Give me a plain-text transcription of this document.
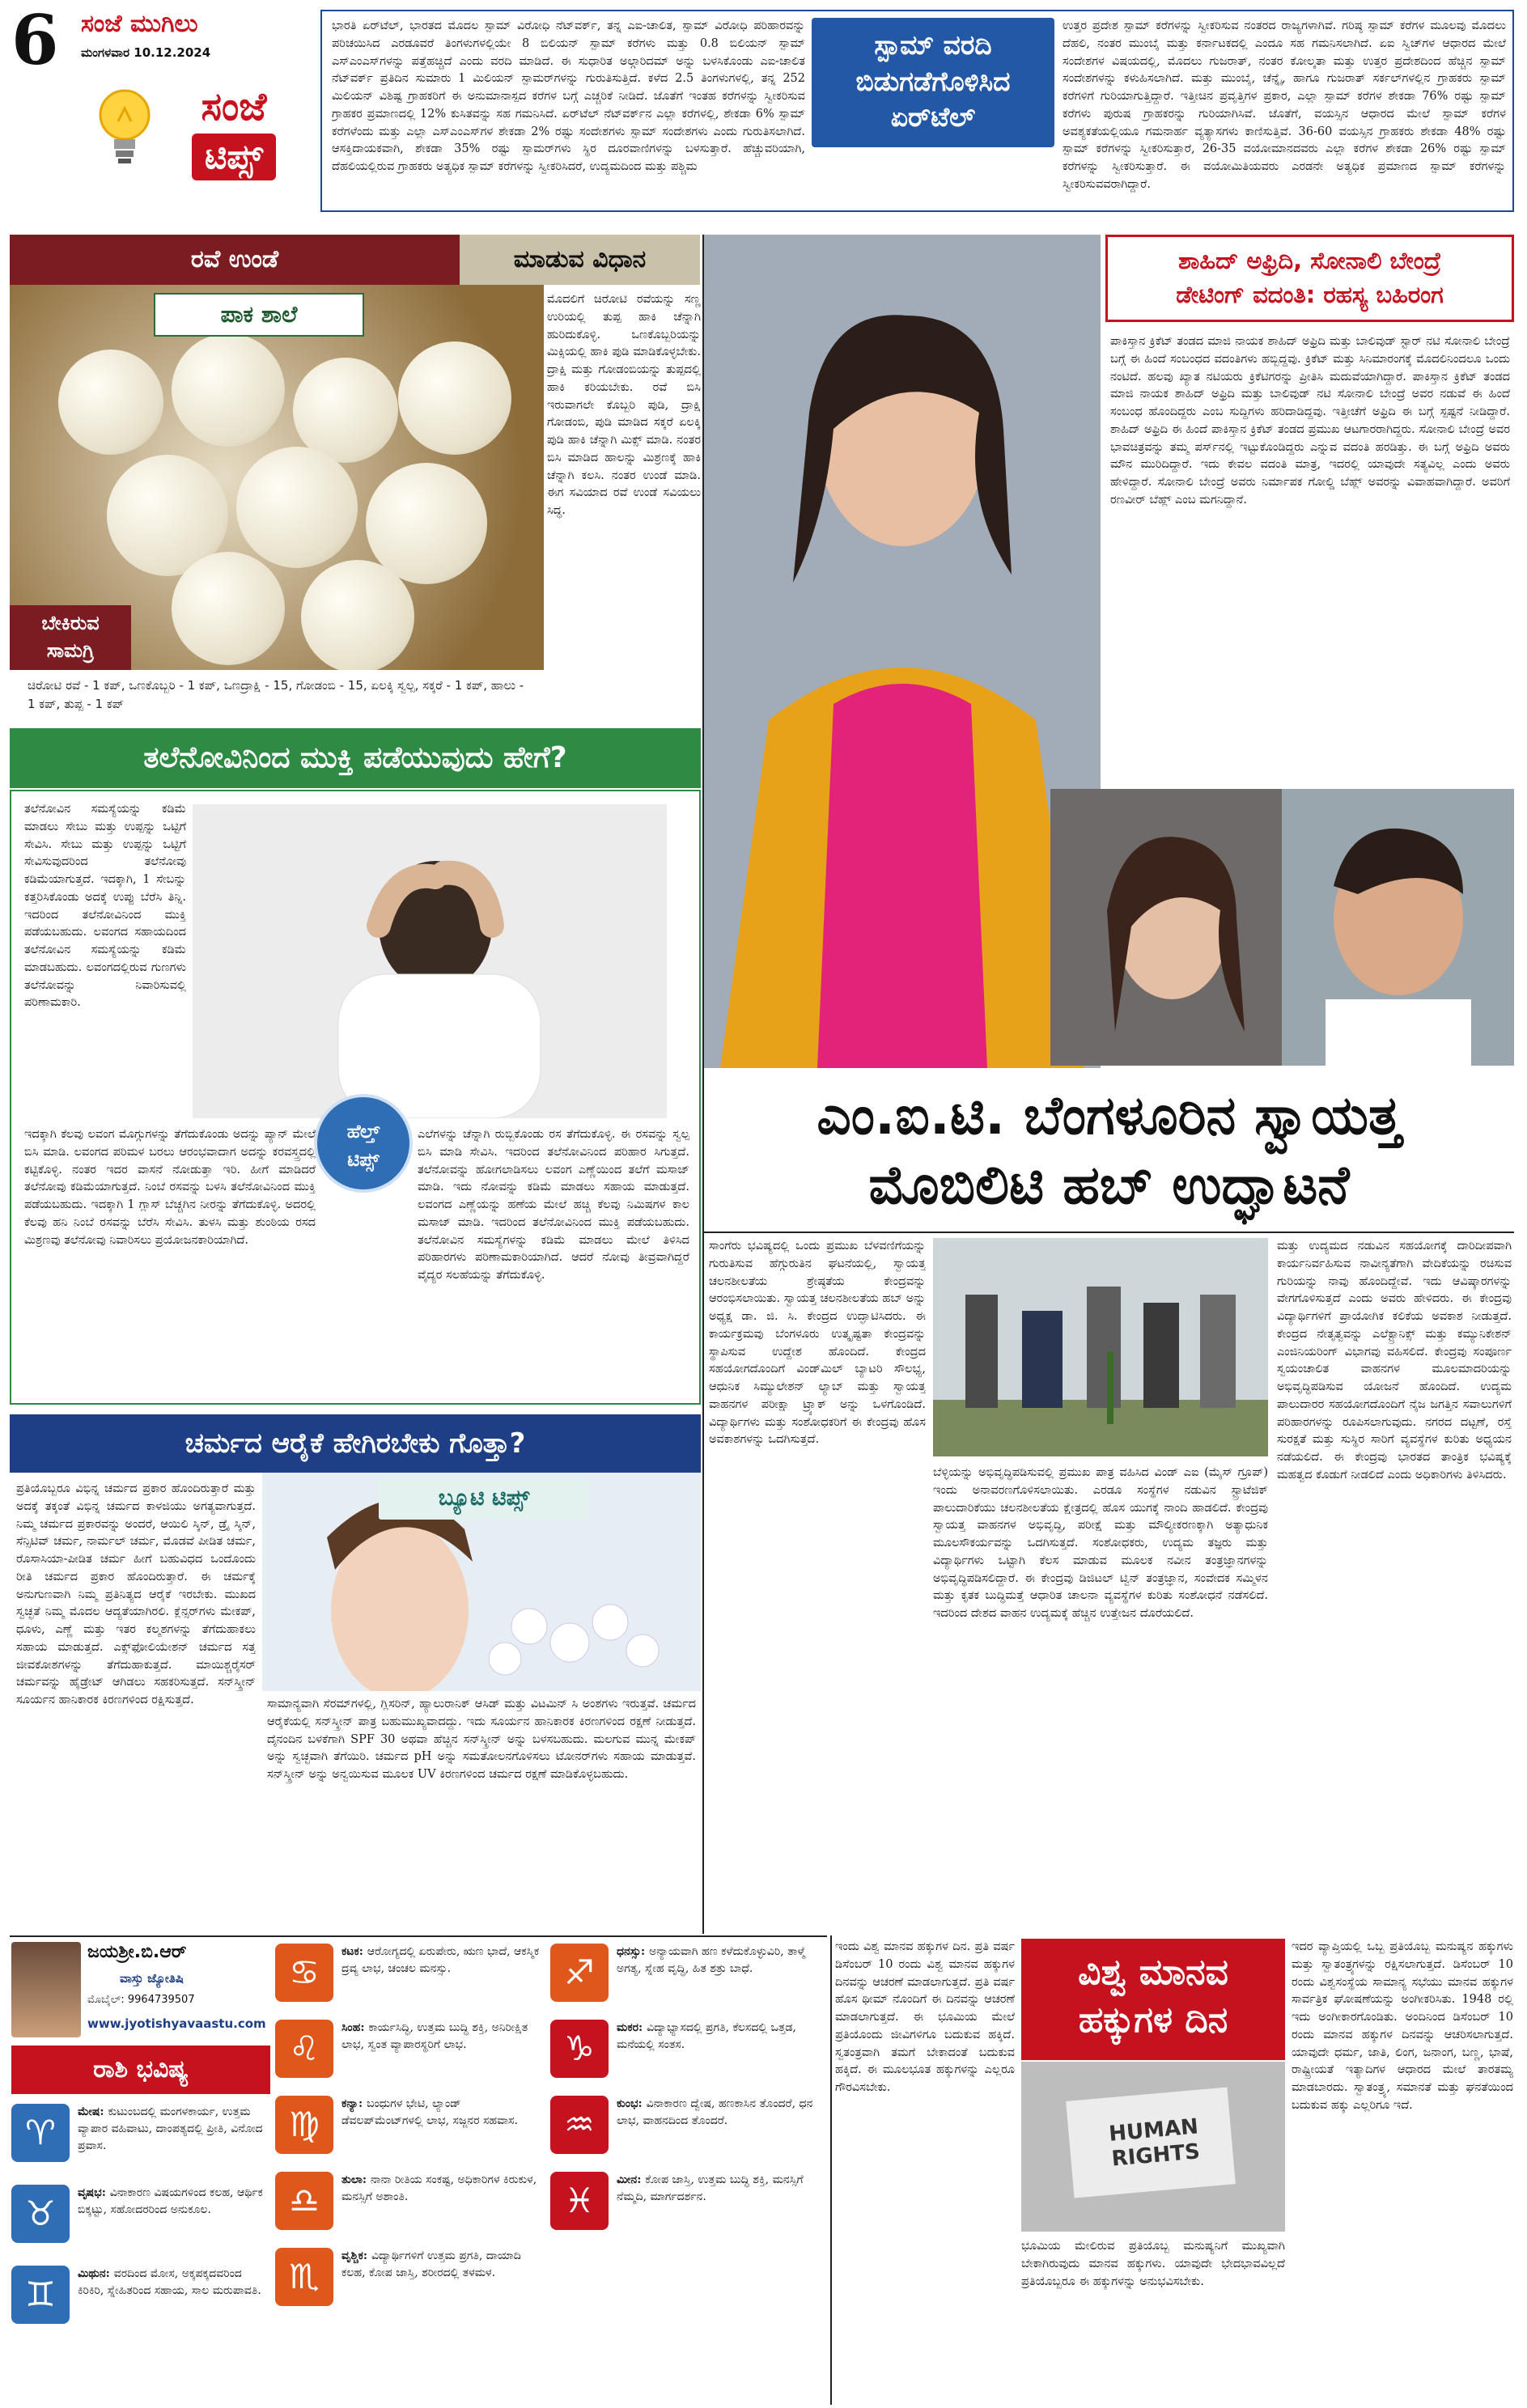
6 ಸಂಜೆ ಮುಗಿಲು
ಮಂಗಳವಾರ 10.12.2024
ಸಂಜೆ
ಟಿಪ್ಸ್
ಭಾರತಿ ಏರ್‌ಟೆಲ್, ಭಾರತದ ಮೊದಲ ಸ್ಪಾಮ್ ವಿರೋಧಿ ನೆಟ್‌ವರ್ಕ್, ತನ್ನ ಎಐ-ಚಾಲಿತ, ಸ್ಪಾಮ್ ವಿರೋಧಿ ಪರಿಹಾರವನ್ನು ಪರಿಚಯಿಸಿದ ಎರಡೂವರೆ ತಿಂಗಳುಗಳಲ್ಲಿಯೇ 8 ಬಿಲಿಯನ್ ಸ್ಪಾಮ್ ಕರೆಗಳು ಮತ್ತು 0.8 ಬಿಲಿಯನ್ ಸ್ಪಾಮ್ ಎಸ್‌ಎಂಎಸ್‌ಗಳನ್ನು ಪತ್ತೆಹಚ್ಚಿದೆ ಎಂದು ವರದಿ ಮಾಡಿದೆ. ಈ ಸುಧಾರಿತ ಅಲ್ಗಾರಿದಮ್ ಅನ್ನು ಬಳಸಿಕೊಂಡು ಎಐ-ಚಾಲಿತ ನೆಟ್‌ವರ್ಕ್ ಪ್ರತಿದಿನ ಸುಮಾರು 1 ಮಿಲಿಯನ್ ಸ್ಪಾಮರ್‌ಗಳನ್ನು ಗುರುತಿಸುತ್ತಿದೆ. ಕಳೆದ 2.5 ತಿಂಗಳುಗಳಲ್ಲಿ, ತನ್ನ 252 ಮಿಲಿಯನ್ ವಿಶಿಷ್ಟ ಗ್ರಾಹಕರಿಗೆ ಈ ಅನುಮಾನಾಸ್ಪದ ಕರೆಗಳ ಬಗ್ಗೆ ಎಚ್ಚರಿಕೆ ನೀಡಿದೆ. ಜೊತೆಗೆ ಇಂತಹ ಕರೆಗಳನ್ನು ಸ್ವೀಕರಿಸುವ ಗ್ರಾಹಕರ ಪ್ರಮಾಣದಲ್ಲಿ 12% ಕುಸಿತವನ್ನು ಸಹ ಗಮನಿಸಿದೆ. ಏರ್‌ಟೆಲ್ ನೆಟ್‌ವರ್ಕ್‌ನ ಎಲ್ಲಾ ಕರೆಗಳಲ್ಲಿ, ಶೇಕಡಾ 6% ಸ್ಪಾಮ್ ಕರೆಗಳೆಂದು ಮತ್ತು ಎಲ್ಲಾ ಎಸ್‌ಎಂಎಸ್‌ಗಳ ಶೇಕಡಾ 2% ರಷ್ಟು ಸಂದೇಶಗಳು ಸ್ಪಾಮ್ ಸಂದೇಶಗಳು ಎಂದು ಗುರುತಿಸಲಾಗಿದೆ. ಆಸಕ್ತಿದಾಯಕವಾಗಿ, ಶೇಕಡಾ 35% ರಷ್ಟು ಸ್ಪಾಮರ್‌ಗಳು ಸ್ಥಿರ ದೂರವಾಣಿಗಳನ್ನು ಬಳಸುತ್ತಾರೆ. ಹೆಚ್ಚುವರಿಯಾಗಿ, ದೆಹಲಿಯಲ್ಲಿರುವ ಗ್ರಾಹಕರು ಅತ್ಯಧಿಕ ಸ್ಪಾಮ್ ಕರೆಗಳನ್ನು ಸ್ವೀಕರಿಸಿದರೆ, ಉದ್ಯಮದಿಂದ ಮತ್ತು ಪಶ್ಚಿಮ
ಸ್ಪಾಮ್ ವರದಿ
ಬಿಡುಗಡೆಗೊಳಿಸಿದ
ಏರ್‌ಟೆಲ್
ಉತ್ತರ ಪ್ರದೇಶ ಸ್ಪಾಮ್ ಕರೆಗಳನ್ನು ಸ್ವೀಕರಿಸುವ ನಂತರದ ರಾಜ್ಯಗಳಾಗಿವೆ. ಗರಿಷ್ಠ ಸ್ಪಾಮ್ ಕರೆಗಳ ಮೂಲವು ಮೊದಲು ದೆಹಲಿ, ನಂತರ ಮುಂಬೈ ಮತ್ತು ಕರ್ನಾಟಕದಲ್ಲಿ ಎಂದೂ ಸಹ ಗಮನಿಸಲಾಗಿದೆ. ಏಐ ಸ್ವಿಚ್‌ಗಳ ಆಧಾರದ ಮೇಲೆ ಸಂದೇಶಗಳ ವಿಷಯದಲ್ಲಿ, ಮೊದಲು ಗುಜರಾತ್, ನಂತರ ಕೋಲ್ಕತಾ ಮತ್ತು ಉತ್ತರ ಪ್ರದೇಶದಿಂದ ಹೆಚ್ಚಿನ ಸ್ಪಾಮ್ ಸಂದೇಶಗಳನ್ನು ಕಳುಹಿಸಲಾಗಿದೆ. ಮತ್ತು ಮುಂಬೈ, ಚೆನ್ನೈ, ಹಾಗೂ ಗುಜರಾತ್ ಸರ್ಕಲ್‌ಗಳಲ್ಲಿನ ಗ್ರಾಹಕರು ಸ್ಪಾಮ್ ಕರೆಗಳಿಗೆ ಗುರಿಯಾಗುತ್ತಿದ್ದಾರೆ. ಇತ್ತೀಚಿನ ಪ್ರವೃತ್ತಿಗಳ ಪ್ರಕಾರ, ಎಲ್ಲಾ ಸ್ಪಾಮ್ ಕರೆಗಳ ಶೇಕಡಾ 76% ರಷ್ಟು ಸ್ಪಾಮ್ ಕರೆಗಳು ಪುರುಷ ಗ್ರಾಹಕರನ್ನು ಗುರಿಯಾಗಿಸಿವೆ. ಜೊತೆಗೆ, ವಯಸ್ಸಿನ ಆಧಾರದ ಮೇಲೆ ಸ್ಪಾಮ್ ಕರೆಗಳ ಅವಶ್ಯಕತೆಯಲ್ಲಿಯೂ ಗಮನಾರ್ಹ ವ್ಯತ್ಯಾಸಗಳು ಕಾಣಿಸುತ್ತಿವೆ. 36-60 ವಯಸ್ಸಿನ ಗ್ರಾಹಕರು ಶೇಕಡಾ 48% ರಷ್ಟು ಸ್ಪಾಮ್ ಕರೆಗಳನ್ನು ಸ್ವೀಕರಿಸುತ್ತಾರೆ, 26-35 ವಯೋಮಾನದವರು ಎಲ್ಲಾ ಕರೆಗಳ ಶೇಕಡಾ 26% ರಷ್ಟು ಸ್ಪಾಮ್ ಕರೆಗಳನ್ನು ಸ್ವೀಕರಿಸುತ್ತಾರೆ. ಈ ವಯೋಮಿತಿಯವರು ಎರಡನೇ ಅತ್ಯಧಿಕ ಪ್ರಮಾಣದ ಸ್ಪಾಮ್ ಕರೆಗಳನ್ನು ಸ್ವೀಕರಿಸುವವರಾಗಿದ್ದಾರೆ.
ರವೆ ಉಂಡೆ	ಮಾಡುವ ವಿಧಾನ
ಪಾಕ ಶಾಲೆ
ಬೇಕಿರುವ
ಸಾಮಗ್ರಿ
ಚಿರೋಟಿ ರವೆ - 1 ಕಪ್, ಒಣಕೊಬ್ಬರಿ - 1 ಕಪ್, ಒಣದ್ರಾಕ್ಷಿ - 15, ಗೋಡಂಬಿ - 15, ಏಲಕ್ಕಿ ಸ್ವಲ್ಪ, ಸಕ್ಕರೆ - 1 ಕಪ್, ಹಾಲು - 1 ಕಪ್, ತುಪ್ಪ - 1 ಕಪ್
ಮೊದಲಿಗೆ ಚಿರೋಟಿ ರವೆಯನ್ನು ಸಣ್ಣ ಉರಿಯಲ್ಲಿ ತುಪ್ಪ ಹಾಕಿ ಚೆನ್ನಾಗಿ ಹುರಿದುಕೊಳ್ಳಿ. ಒಣಕೊಬ್ಬರಿಯನ್ನು ಮಿಕ್ಸಿಯಲ್ಲಿ ಹಾಕಿ ಪುಡಿ ಮಾಡಿಕೊಳ್ಳಬೇಕು. ದ್ರಾಕ್ಷಿ ಮತ್ತು ಗೋಡಂಬಿಯನ್ನು ತುಪ್ಪದಲ್ಲಿ ಹಾಕಿ ಕರಿಯಬೇಕು. ರವೆ ಬಿಸಿ ಇರುವಾಗಲೇ ಕೊಬ್ಬರಿ ಪುಡಿ, ದ್ರಾಕ್ಷಿ ಗೋಡಂಬಿ, ಪುಡಿ ಮಾಡಿದ ಸಕ್ಕರೆ ಏಲಕ್ಕಿ ಪುಡಿ ಹಾಕಿ ಚೆನ್ನಾಗಿ ಮಿಕ್ಸ್ ಮಾಡಿ. ನಂತರ ಬಿಸಿ ಮಾಡಿದ ಹಾಲನ್ನು ಮಿಶ್ರಣಕ್ಕೆ ಹಾಕಿ ಚೆನ್ನಾಗಿ ಕಲಸಿ. ನಂತರ ಉಂಡೆ ಮಾಡಿ. ಈಗ ಸವಿಯಾದ ರವೆ ಉಂಡೆ ಸವಿಯಲು ಸಿದ್ಧ.
ತಲೆನೋವಿನಿಂದ ಮುಕ್ತಿ ಪಡೆಯುವುದು ಹೇಗೆ?
ತಲೆನೋವಿನ ಸಮಸ್ಯೆಯನ್ನು ಕಡಿಮೆ ಮಾಡಲು ಸೇಬು ಮತ್ತು ಉಪ್ಪನ್ನು ಒಟ್ಟಿಗೆ ಸೇವಿಸಿ. ಸೇಬು ಮತ್ತು ಉಪ್ಪನ್ನು ಒಟ್ಟಿಗೆ ಸೇವಿಸುವುದರಿಂದ ತಲೆನೋವು ಕಡಿಮೆಯಾಗುತ್ತದೆ. ಇದಕ್ಕಾಗಿ, 1 ಸೇಬನ್ನು ಕತ್ತರಿಸಿಕೊಂಡು ಅದಕ್ಕೆ ಉಪ್ಪು ಬೆರೆಸಿ ತಿನ್ನಿ. ಇದರಿಂದ ತಲೆನೋವಿನಿಂದ ಮುಕ್ತಿ ಪಡೆಯಬಹುದು. ಲವಂಗದ ಸಹಾಯದಿಂದ ತಲೆನೋವಿನ ಸಮಸ್ಯೆಯನ್ನು ಕಡಿಮೆ ಮಾಡಬಹುದು. ಲವಂಗದಲ್ಲಿರುವ ಗುಣಗಳು ತಲೆನೋವನ್ನು ನಿವಾರಿಸುವಲ್ಲಿ ಪರಿಣಾಮಕಾರಿ.
ಹೆಲ್ತ್
ಟಿಪ್ಸ್
ಇದಕ್ಕಾಗಿ ಕೆಲವು ಲವಂಗ ಮೊಗ್ಗುಗಳನ್ನು ತೆಗೆದುಕೊಂಡು ಅದನ್ನು ಪ್ಯಾನ್ ಮೇಲೆ ಬಿಸಿ ಮಾಡಿ. ಲವಂಗದ ಪರಿಮಳ ಬರಲು ಆರಂಭವಾದಾಗ ಅದನ್ನು ಕರವಸ್ತ್ರದಲ್ಲಿ ಕಟ್ಟಿಕೊಳ್ಳಿ. ನಂತರ ಇದರ ವಾಸನೆ ನೋಡುತ್ತಾ ಇರಿ. ಹೀಗೆ ಮಾಡಿದರೆ ತಲೆನೋವು ಕಡಿಮೆಯಾಗುತ್ತದೆ. ನಿಂಬೆ ರಸವನ್ನು ಬಳಸಿ ತಲೆನೋವಿನಿಂದ ಮುಕ್ತಿ ಪಡೆಯಬಹುದು. ಇದಕ್ಕಾಗಿ 1 ಗ್ಲಾಸ್ ಬೆಚ್ಚಗಿನ ನೀರನ್ನು ತೆಗೆದುಕೊಳ್ಳಿ. ಅದರಲ್ಲಿ ಕೆಲವು ಹನಿ ನಿಂಬೆ ರಸವನ್ನು ಬೆರೆಸಿ ಸೇವಿಸಿ. ತುಳಸಿ ಮತ್ತು ಶುಂಠಿಯ ರಸದ ಮಿಶ್ರಣವು ತಲೆನೋವು ನಿವಾರಿಸಲು ಪ್ರಯೋಜನಕಾರಿಯಾಗಿದೆ.
ಎಲೆಗಳನ್ನು ಚೆನ್ನಾಗಿ ರುಬ್ಬಿಕೊಂಡು ರಸ ತೆಗೆದುಕೊಳ್ಳಿ. ಈ ರಸವನ್ನು ಸ್ವಲ್ಪ ಬಿಸಿ ಮಾಡಿ ಸೇವಿಸಿ. ಇದರಿಂದ ತಲೆನೋವಿನಿಂದ ಪರಿಹಾರ ಸಿಗುತ್ತದೆ. ತಲೆನೋವನ್ನು ಹೋಗಲಾಡಿಸಲು ಲವಂಗ ಎಣ್ಣೆಯಿಂದ ತಲೆಗೆ ಮಸಾಜ್ ಮಾಡಿ. ಇದು ನೋವನ್ನು ಕಡಿಮೆ ಮಾಡಲು ಸಹಾಯ ಮಾಡುತ್ತದೆ. ಲವಂಗದ ಎಣ್ಣೆಯನ್ನು ಹಣೆಯ ಮೇಲೆ ಹಚ್ಚಿ ಕೆಲವು ನಿಮಿಷಗಳ ಕಾಲ ಮಸಾಜ್ ಮಾಡಿ. ಇದರಿಂದ ತಲೆನೋವಿನಿಂದ ಮುಕ್ತಿ ಪಡೆಯಬಹುದು. ತಲೆನೋವಿನ ಸಮಸ್ಯೆಗಳನ್ನು ಕಡಿಮೆ ಮಾಡಲು ಮೇಲೆ ತಿಳಿಸಿದ ಪರಿಹಾರಗಳು ಪರಿಣಾಮಕಾರಿಯಾಗಿದೆ. ಆದರೆ ನೋವು ತೀವ್ರವಾಗಿದ್ದರೆ ವೈದ್ಯರ ಸಲಹೆಯನ್ನು ತೆಗೆದುಕೊಳ್ಳಿ.
ಚರ್ಮದ ಆರೈಕೆ ಹೇಗಿರಬೇಕು ಗೊತ್ತಾ?
ಪ್ರತಿಯೊಬ್ಬರೂ ವಿಭಿನ್ನ ಚರ್ಮದ ಪ್ರಕಾರ ಹೊಂದಿರುತ್ತಾರೆ ಮತ್ತು ಅದಕ್ಕೆ ತಕ್ಕಂತೆ ವಿಭಿನ್ನ ಚರ್ಮದ ಕಾಳಜಿಯು ಅಗತ್ಯವಾಗುತ್ತದೆ. ನಿಮ್ಮ ಚರ್ಮದ ಪ್ರಕಾರವನ್ನು ಅಂದರೆ, ಆಯಿಲಿ ಸ್ಕಿನ್, ಡ್ರೈ ಸ್ಕಿನ್, ಸೆನ್ಸಿಟಿವ್ ಚರ್ಮ, ನಾರ್ಮಲ್ ಚರ್ಮ, ಮೊಡವೆ ಪೀಡಿತ ಚರ್ಮ, ರೊಸಾಸಿಯಾ-ಪೀಡಿತ ಚರ್ಮ ಹೀಗೆ ಬಹುವಿಧದ ಒಂದೊಂದು ರೀತಿ ಚರ್ಮದ ಪ್ರಕಾರ ಹೊಂದಿರುತ್ತಾರೆ. ಈ ಚರ್ಮಕ್ಕೆ ಅನುಗುಣವಾಗಿ ನಿಮ್ಮ ಪ್ರತಿನಿತ್ಯದ ಆರೈಕೆ ಇರಬೇಕು. ಮುಖದ ಸ್ವಚ್ಛತೆ ನಿಮ್ಮ ಮೊದಲ ಆದ್ಯತೆಯಾಗಿರಲಿ. ಕ್ಲೆನ್ಸರ್‌ಗಳು ಮೇಕಪ್, ಧೂಳು, ಎಣ್ಣೆ ಮತ್ತು ಇತರ ಕಲ್ಮಶಗಳನ್ನು ತೆಗೆದುಹಾಕಲು ಸಹಾಯ ಮಾಡುತ್ತದೆ. ಎಕ್ಸ್‌ಫೋಲಿಯೇಶನ್ ಚರ್ಮದ ಸತ್ತ ಜೀವಕೋಶಗಳನ್ನು ತೆಗೆದುಹಾಕುತ್ತದೆ. ಮಾಯಿಶ್ಚರೈಸರ್ ಚರ್ಮವನ್ನು ಹೈಡ್ರೇಟ್ ಆಗಿಡಲು ಸಹಕರಿಸುತ್ತದೆ. ಸನ್‌ಸ್ಕ್ರೀನ್ ಸೂರ್ಯನ ಹಾನಿಕಾರಕ ಕಿರಣಗಳಿಂದ ರಕ್ಷಿಸುತ್ತದೆ.
ಬ್ಯೂಟಿ ಟಿಪ್ಸ್
ಸಾಮಾನ್ಯವಾಗಿ ಸೆರಮ್‌ಗಳಲ್ಲಿ, ಗ್ಲಿಸರಿನ್, ಹ್ಯಾಲುರಾನಿಕ್ ಆಸಿಡ್ ಮತ್ತು ವಿಟಮಿನ್ ಸಿ ಅಂಶಗಳು ಇರುತ್ತವೆ. ಚರ್ಮದ ಆರೈಕೆಯಲ್ಲಿ ಸನ್‌ಸ್ಕ್ರೀನ್ ಪಾತ್ರ ಬಹುಮುಖ್ಯವಾದದ್ದು. ಇದು ಸೂರ್ಯನ ಹಾನಿಕಾರಕ ಕಿರಣಗಳಿಂದ ರಕ್ಷಣೆ ನೀಡುತ್ತದೆ. ದೈನಂದಿನ ಬಳಕೆಗಾಗಿ SPF 30 ಅಥವಾ ಹೆಚ್ಚಿನ ಸನ್‌ಸ್ಕ್ರೀನ್ ಅನ್ನು ಬಳಸಬಹುದು. ಮಲಗುವ ಮುನ್ನ ಮೇಕಪ್ ಅನ್ನು ಸ್ವಚ್ಛವಾಗಿ ತೆಗೆಯಿರಿ. ಚರ್ಮದ pH ಅನ್ನು ಸಮತೋಲನಗೊಳಿಸಲು ಟೋನರ್‌ಗಳು ಸಹಾಯ ಮಾಡುತ್ತವೆ. ಸನ್‌ಸ್ಕ್ರೀನ್ ಅನ್ನು ಅನ್ವಯಿಸುವ ಮೂಲಕ UV ಕಿರಣಗಳಿಂದ ಚರ್ಮದ ರಕ್ಷಣೆ ಮಾಡಿಕೊಳ್ಳಬಹುದು.
ಶಾಹಿದ್ ಅಫ್ರಿದಿ, ಸೋನಾಲಿ ಬೇಂದ್ರೆ
ಡೇಟಿಂಗ್ ವದಂತಿ: ರಹಸ್ಯ ಬಹಿರಂಗ
ಪಾಕಿಸ್ತಾನ ಕ್ರಿಕೆಟ್ ತಂಡದ ಮಾಜಿ ನಾಯಕ ಶಾಹಿದ್ ಅಫ್ರಿದಿ ಮತ್ತು ಬಾಲಿವುಡ್ ಸ್ಟಾರ್ ನಟಿ ಸೋನಾಲಿ ಬೇಂದ್ರೆ ಬಗ್ಗೆ ಈ ಹಿಂದೆ ಸಂಬಂಧದ ವದಂತಿಗಳು ಹಬ್ಬಿದ್ದವು. ಕ್ರಿಕೆಟ್ ಮತ್ತು ಸಿನಿಮಾರಂಗಕ್ಕೆ ಮೊದಲಿನಿಂದಲೂ ಒಂದು ನಂಟಿದೆ. ಹಲವು ಖ್ಯಾತ ನಟಿಯರು ಕ್ರಿಕೆಟಿಗರನ್ನು ಪ್ರೀತಿಸಿ ಮದುವೆಯಾಗಿದ್ದಾರೆ. ಪಾಕಿಸ್ತಾನ ಕ್ರಿಕೆಟ್ ತಂಡದ ಮಾಜಿ ನಾಯಕ ಶಾಹಿದ್ ಅಫ್ರಿದಿ ಮತ್ತು ಬಾಲಿವುಡ್ ನಟಿ ಸೋನಾಲಿ ಬೇಂದ್ರೆ ಅವರ ನಡುವೆ ಈ ಹಿಂದೆ ಸಂಬಂಧ ಹೊಂದಿದ್ದರು ಎಂಬ ಸುದ್ದಿಗಳು ಹರಿದಾಡಿದ್ದವು. ಇತ್ತೀಚೆಗೆ ಅಫ್ರಿದಿ ಈ ಬಗ್ಗೆ ಸ್ಪಷ್ಟನೆ ನೀಡಿದ್ದಾರೆ. ಶಾಹಿದ್ ಅಫ್ರಿದಿ ಈ ಹಿಂದೆ ಪಾಕಿಸ್ತಾನ ಕ್ರಿಕೆಟ್ ತಂಡದ ಪ್ರಮುಖ ಆಟಗಾರರಾಗಿದ್ದರು. ಸೋನಾಲಿ ಬೇಂದ್ರೆ ಅವರ ಭಾವಚಿತ್ರವನ್ನು ತಮ್ಮ ಪರ್ಸ್‌ನಲ್ಲಿ ಇಟ್ಟುಕೊಂಡಿದ್ದರು ಎನ್ನುವ ವದಂತಿ ಹರಡಿತ್ತು. ಈ ಬಗ್ಗೆ ಅಫ್ರಿದಿ ಅವರು ಮೌನ ಮುರಿದಿದ್ದಾರೆ. ಇದು ಕೇವಲ ವದಂತಿ ಮಾತ್ರ, ಇದರಲ್ಲಿ ಯಾವುದೇ ಸತ್ಯವಿಲ್ಲ ಎಂದು ಅವರು ಹೇಳಿದ್ದಾರೆ. ಸೋನಾಲಿ ಬೇಂದ್ರೆ ಅವರು ನಿರ್ಮಾಪಕ ಗೋಲ್ಡಿ ಬೆಹ್ಲ್ ಅವರನ್ನು ವಿವಾಹವಾಗಿದ್ದಾರೆ. ಅವರಿಗೆ ರಣವೀರ್ ಬೆಹ್ಲ್ ಎಂಬ ಮಗನಿದ್ದಾನೆ.
ಎಂ.ಐ.ಟಿ. ಬೆಂಗಳೂರಿನ ಸ್ವಾಯತ್ತ
ಮೊಬಿಲಿಟಿ ಹಬ್ ಉದ್ಘಾಟನೆ
ಸಾಂಗೆರು ಭವಿಷ್ಯದಲ್ಲಿ ಒಂದು ಪ್ರಮುಖ ಬೆಳವಣಿಗೆಯನ್ನು ಗುರುತಿಸುವ ಹೆಗ್ಗುರುತಿನ ಘಟನೆಯಲ್ಲಿ, ಸ್ವಾಯತ್ತ ಚಲನಶೀಲತೆಯ ಶ್ರೇಷ್ಠತೆಯ ಕೇಂದ್ರವನ್ನು ಆರಂಭಿಸಲಾಯಿತು. ಸ್ವಾಯತ್ತ ಚಲನಶೀಲತೆಯ ಹಬ್ ಅನ್ನು ಅಧ್ಯಕ್ಷ ಡಾ. ಜಿ. ಸಿ. ಕೇಂದ್ರದ ಉದ್ಘಾಟಿಸಿದರು. ಈ ಕಾರ್ಯಕ್ರಮವು ಬೆಂಗಳೂರು ಉತ್ಕೃಷ್ಟತಾ ಕೇಂದ್ರವನ್ನು ಸ್ಥಾಪಿಸುವ ಉದ್ದೇಶ ಹೊಂದಿದೆ. ಕೇಂದ್ರದ ಸಹಯೋಗದೊಂದಿಗೆ ವಿಂಡ್‌ಮಿಲ್ ಬ್ಯಾಟರಿ ಸೌಲಭ್ಯ, ಆಧುನಿಕ ಸಿಮ್ಯುಲೇಶನ್ ಲ್ಯಾಬ್ ಮತ್ತು ಸ್ವಾಯತ್ತ ವಾಹನಗಳ ಪರೀಕ್ಷಾ ಟ್ರ್ಯಾಕ್ ಅನ್ನು ಒಳಗೊಂಡಿದೆ. ವಿದ್ಯಾರ್ಥಿಗಳು ಮತ್ತು ಸಂಶೋಧಕರಿಗೆ ಈ ಕೇಂದ್ರವು ಹೊಸ ಅವಕಾಶಗಳನ್ನು ಒದಗಿಸುತ್ತದೆ.
ಬೆಳ್ಳಿಯನ್ನು ಅಭಿವೃದ್ಧಿಪಡಿಸುವಲ್ಲಿ ಪ್ರಮುಖ ಪಾತ್ರ ವಹಿಸಿದ ವಿಂಡ್ ಎಐ (ಮೈಸ್ ಗ್ರೂಪ್) ಇಂದು ಅನಾವರಣಗೊಳಿಸಲಾಯಿತು. ಎರಡೂ ಸಂಸ್ಥೆಗಳ ನಡುವಿನ ಸ್ಟ್ರಾಟೆಜಿಕ್ ಪಾಲುದಾರಿಕೆಯು ಚಲನಶೀಲತೆಯ ಕ್ಷೇತ್ರದಲ್ಲಿ ಹೊಸ ಯುಗಕ್ಕೆ ನಾಂದಿ ಹಾಡಲಿದೆ. ಕೇಂದ್ರವು ಸ್ವಾಯತ್ತ ವಾಹನಗಳ ಅಭಿವೃದ್ಧಿ, ಪರೀಕ್ಷೆ ಮತ್ತು ಮೌಲ್ಯೀಕರಣಕ್ಕಾಗಿ ಅತ್ಯಾಧುನಿಕ ಮೂಲಸೌಕರ್ಯವನ್ನು ಒದಗಿಸುತ್ತದೆ. ಸಂಶೋಧಕರು, ಉದ್ಯಮ ತಜ್ಞರು ಮತ್ತು ವಿದ್ಯಾರ್ಥಿಗಳು ಒಟ್ಟಾಗಿ ಕೆಲಸ ಮಾಡುವ ಮೂಲಕ ನವೀನ ತಂತ್ರಜ್ಞಾನಗಳನ್ನು ಅಭಿವೃದ್ಧಿಪಡಿಸಲಿದ್ದಾರೆ. ಈ ಕೇಂದ್ರವು ಡಿಜಿಟಲ್ ಟ್ವಿನ್ ತಂತ್ರಜ್ಞಾನ, ಸಂವೇದಕ ಸಮ್ಮಿಳನ ಮತ್ತು ಕೃತಕ ಬುದ್ಧಿಮತ್ತೆ ಆಧಾರಿತ ಚಾಲನಾ ವ್ಯವಸ್ಥೆಗಳ ಕುರಿತು ಸಂಶೋಧನೆ ನಡೆಸಲಿದೆ. ಇದರಿಂದ ದೇಶದ ವಾಹನ ಉದ್ಯಮಕ್ಕೆ ಹೆಚ್ಚಿನ ಉತ್ತೇಜನ ದೊರೆಯಲಿದೆ.
ಮತ್ತು ಉದ್ಯಮದ ನಡುವಿನ ಸಹಯೋಗಕ್ಕೆ ದಾರಿದೀಪವಾಗಿ ಕಾರ್ಯನಿರ್ವಹಿಸುವ ನಾವೀನ್ಯತೆಗಾಗಿ ವೇದಿಕೆಯನ್ನು ರಚಿಸುವ ಗುರಿಯನ್ನು ನಾವು ಹೊಂದಿದ್ದೇವೆ. ಇದು ಆವಿಷ್ಕಾರಗಳನ್ನು ವೇಗಗೊಳಿಸುತ್ತದೆ ಎಂದು ಅವರು ಹೇಳಿದರು. ಈ ಕೇಂದ್ರವು ವಿದ್ಯಾರ್ಥಿಗಳಿಗೆ ಪ್ರಾಯೋಗಿಕ ಕಲಿಕೆಯ ಅವಕಾಶ ನೀಡುತ್ತದೆ. ಕೇಂದ್ರದ ನೇತೃತ್ವವನ್ನು ಎಲೆಕ್ಟ್ರಾನಿಕ್ಸ್ ಮತ್ತು ಕಮ್ಯುನಿಕೇಶನ್ ಎಂಜಿನಿಯರಿಂಗ್ ವಿಭಾಗವು ವಹಿಸಲಿದೆ. ಕೇಂದ್ರವು ಸಂಪೂರ್ಣ ಸ್ವಯಂಚಾಲಿತ ವಾಹನಗಳ ಮೂಲಮಾದರಿಯನ್ನು ಅಭಿವೃದ್ಧಿಪಡಿಸುವ ಯೋಜನೆ ಹೊಂದಿದೆ. ಉದ್ಯಮ ಪಾಲುದಾರರ ಸಹಯೋಗದೊಂದಿಗೆ ನೈಜ ಜಗತ್ತಿನ ಸವಾಲುಗಳಿಗೆ ಪರಿಹಾರಗಳನ್ನು ರೂಪಿಸಲಾಗುವುದು. ನಗರದ ದಟ್ಟಣೆ, ರಸ್ತೆ ಸುರಕ್ಷತೆ ಮತ್ತು ಸುಸ್ಥಿರ ಸಾರಿಗೆ ವ್ಯವಸ್ಥೆಗಳ ಕುರಿತು ಅಧ್ಯಯನ ನಡೆಯಲಿದೆ. ಈ ಕೇಂದ್ರವು ಭಾರತದ ತಾಂತ್ರಿಕ ಭವಿಷ್ಯಕ್ಕೆ ಮಹತ್ವದ ಕೊಡುಗೆ ನೀಡಲಿದೆ ಎಂದು ಅಧಿಕಾರಿಗಳು ತಿಳಿಸಿದರು.
ಜಯಶ್ರೀ.ಬಿ.ಆರ್
ವಾಸ್ತು ಜ್ಯೋತಿಷಿ
ಮೊಬೈಲ್: 9964739507
www.jyotishyavaastu.com
ರಾಶಿ ಭವಿಷ್ಯ
♈
ಮೇಷ: ಕುಟುಂಬದಲ್ಲಿ ಮಂಗಳಕಾರ್ಯ, ಉತ್ತಮ ವ್ಯಾಪಾರ ವಹಿವಾಟು, ದಾಂಪತ್ಯದಲ್ಲಿ ಪ್ರೀತಿ, ವಿನೋದ ಪ್ರವಾಸ.
♉
ವೃಷಭ: ವಿನಾಕಾರಣ ವಿಷಯಗಳಿಂದ ಕಲಹ, ಆರ್ಥಿಕ ಬಿಕ್ಕಟ್ಟು, ಸಹೋದರರಿಂದ ಅನುಕೂಲ.
♊
ಮಿಥುನ: ವರದಿಂದ ಮೋಸ, ಅಕ್ಕಪಕ್ಕದವರಿಂದ ಕಿರಿಕಿರಿ, ಸ್ನೇಹಿತರಿಂದ ಸಹಾಯ, ಸಾಲ ಮರುಪಾವತಿ.
♋
ಕಟಕ: ಆರೋಗ್ಯದಲ್ಲಿ ಏರುಪೇರು, ಋಣ ಭಾದೆ, ಆಕಸ್ಮಿಕ ದ್ರವ್ಯ ಲಾಭ, ಚಂಚಲ ಮನಸ್ಸು.
♌
ಸಿಂಹ: ಕಾರ್ಯಸಿದ್ಧಿ, ಉತ್ತಮ ಬುದ್ಧಿ ಶಕ್ತಿ, ಅನಿರೀಕ್ಷಿತ ಲಾಭ, ಸ್ವಂತ ವ್ಯಾಪಾರಸ್ಥರಿಗೆ ಲಾಭ.
♍
ಕನ್ಯಾ: ಬಂಧುಗಳ ಭೇಟಿ, ಲ್ಯಾಂಡ್ ಡೆವಲಪ್‌ಮೆಂಟ್‌ಗಳಲ್ಲಿ ಲಾಭ, ಸಜ್ಜನರ ಸಹವಾಸ.
♎
ತುಲಾ: ನಾನಾ ರೀತಿಯ ಸಂಕಷ್ಟ, ಅಧಿಕಾರಿಗಳ ಕಿರುಕುಳ, ಮನಸ್ಸಿಗೆ ಅಶಾಂತಿ.
♏
ವೃಶ್ಚಿಕ: ವಿದ್ಯಾರ್ಥಿಗಳಿಗೆ ಉತ್ತಮ ಪ್ರಗತಿ, ದಾಯಾದಿ ಕಲಹ, ಕೋಪ ಜಾಸ್ತಿ, ಶರೀರದಲ್ಲಿ ತಳಮಳ.
♐
ಧನಸ್ಸು: ಅನ್ಯಾಯವಾಗಿ ಹಣ ಕಳೆದುಕೊಳ್ಳುವಿರಿ, ತಾಳ್ಮೆ ಅಗತ್ಯ, ಸ್ನೇಹ ವೃದ್ಧಿ, ಹಿತ ಶತ್ರು ಬಾಧೆ.
♑
ಮಕರ: ವಿದ್ಯಾಭ್ಯಾಸದಲ್ಲಿ ಪ್ರಗತಿ, ಕೆಲಸದಲ್ಲಿ ಒತ್ತಡ, ಮನೆಯಲ್ಲಿ ಸಂತಸ.
♒
ಕುಂಭ: ವಿನಾಕಾರಣ ದ್ವೇಷ, ಹಣಕಾಸಿನ ತೊಂದರೆ, ಧನ ಲಾಭ, ವಾಹನದಿಂದ ತೊಂದರೆ.
♓
ಮೀನ: ಕೋಪ ಜಾಸ್ತಿ, ಉತ್ತಮ ಬುದ್ಧಿ ಶಕ್ತಿ, ಮನಸ್ಸಿಗೆ ನೆಮ್ಮದಿ, ಮಾರ್ಗದರ್ಶನ.
ಇಂದು ವಿಶ್ವ ಮಾನವ ಹಕ್ಕುಗಳ ದಿನ. ಪ್ರತಿ ವರ್ಷ ಡಿಸೆಂಬರ್ 10 ರಂದು ವಿಶ್ವ ಮಾನವ ಹಕ್ಕುಗಳ ದಿನವನ್ನು ಆಚರಣೆ ಮಾಡಲಾಗುತ್ತದೆ. ಪ್ರತಿ ವರ್ಷ ಹೊಸ ಥೀಮ್ ನೊಂದಿಗೆ ಈ ದಿನವನ್ನು ಆಚರಣೆ ಮಾಡಲಾಗುತ್ತದೆ. ಈ ಭೂಮಿಯ ಮೇಲೆ ಪ್ರತಿಯೊಂದು ಜೀವಿಗಳಿಗೂ ಬದುಕುವ ಹಕ್ಕಿದೆ. ಸ್ವತಂತ್ರವಾಗಿ ತಮಗೆ ಬೇಕಾದಂತೆ ಬದುಕುವ ಹಕ್ಕಿದೆ. ಈ ಮೂಲಭೂತ ಹಕ್ಕುಗಳನ್ನು ಎಲ್ಲರೂ ಗೌರವಿಸಬೇಕು.
ವಿಶ್ವ ಮಾನವ
ಹಕ್ಕುಗಳ ದಿನ
HUMAN RIGHTS
ಭೂಮಿಯ ಮೇಲಿರುವ ಪ್ರತಿಯೊಬ್ಬ ಮನುಷ್ಯನಿಗೆ ಮುಖ್ಯವಾಗಿ ಬೇಕಾಗಿರುವುದು ಮಾನವ ಹಕ್ಕುಗಳು. ಯಾವುದೇ ಭೇದಭಾವವಿಲ್ಲದೆ ಪ್ರತಿಯೊಬ್ಬರೂ ಈ ಹಕ್ಕುಗಳನ್ನು ಅನುಭವಿಸಬೇಕು.
ಇದರ ವ್ಯಾಪ್ತಿಯಲ್ಲಿ ಒಬ್ಬ ಪ್ರತಿಯೊಬ್ಬ ಮನುಷ್ಯನ ಹಕ್ಕುಗಳು ಮತ್ತು ಸ್ವಾತಂತ್ರ್ಯಗಳನ್ನು ರಕ್ಷಿಸಲಾಗುತ್ತದೆ. ಡಿಸೆಂಬರ್ 10 ರಂದು ವಿಶ್ವಸಂಸ್ಥೆಯ ಸಾಮಾನ್ಯ ಸಭೆಯು ಮಾನವ ಹಕ್ಕುಗಳ ಸಾರ್ವತ್ರಿಕ ಘೋಷಣೆಯನ್ನು ಅಂಗೀಕರಿಸಿತು. 1948 ರಲ್ಲಿ ಇದು ಅಂಗೀಕಾರಗೊಂಡಿತು. ಅಂದಿನಿಂದ ಡಿಸೆಂಬರ್ 10 ರಂದು ಮಾನವ ಹಕ್ಕುಗಳ ದಿನವನ್ನು ಆಚರಿಸಲಾಗುತ್ತದೆ. ಯಾವುದೇ ಧರ್ಮ, ಜಾತಿ, ಲಿಂಗ, ಜನಾಂಗ, ಬಣ್ಣ, ಭಾಷೆ, ರಾಷ್ಟ್ರೀಯತೆ ಇತ್ಯಾದಿಗಳ ಆಧಾರದ ಮೇಲೆ ತಾರತಮ್ಯ ಮಾಡಬಾರದು. ಸ್ವಾತಂತ್ರ್ಯ, ಸಮಾನತೆ ಮತ್ತು ಘನತೆಯಿಂದ ಬದುಕುವ ಹಕ್ಕು ಎಲ್ಲರಿಗೂ ಇದೆ.
